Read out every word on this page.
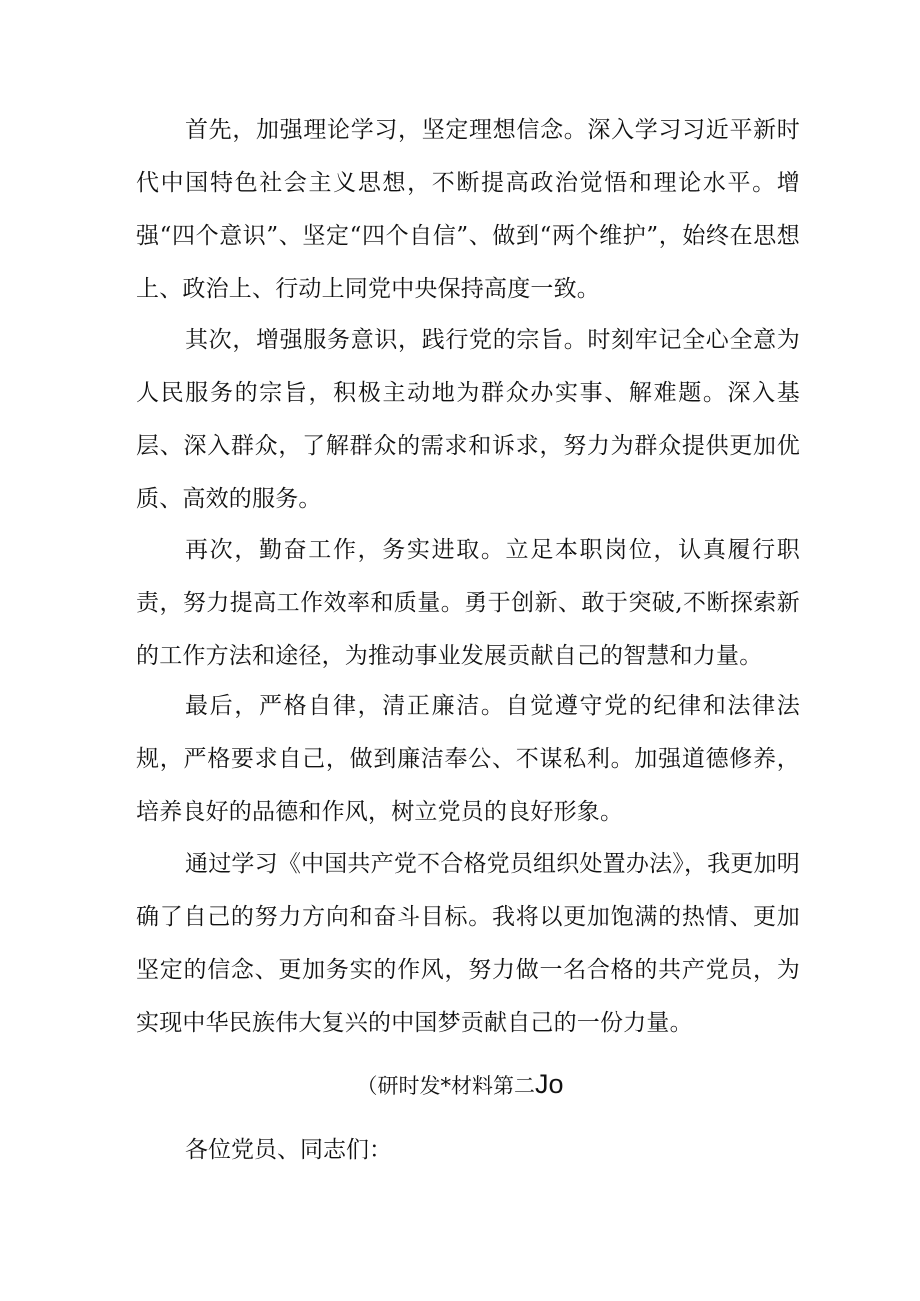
首先，加强理论学习，坚定理想信念。深入学习习近平新时代中国特色社会主义思想，不断提高政治觉悟和理论水平。增强“四个意识”、坚定“四个自信”、做到“两个维护”，始终在思想上、政治上、行动上同党中央保持高度一致。

其次，增强服务意识，践行党的宗旨。时刻牢记全心全意为人民服务的宗旨，积极主动地为群众办实事、解难题。深入基层、深入群众，了解群众的需求和诉求，努力为群众提供更加优质、高效的服务。

再次，勤奋工作，务实进取。立足本职岗位，认真履行职责，努力提高工作效率和质量。勇于创新、敢于突破,不断探索新的工作方法和途径，为推动事业发展贡献自己的智慧和力量。

最后，严格自律，清正廉洁。自觉遵守党的纪律和法律法规，严格要求自己，做到廉洁奉公、不谋私利。加强道德修养，培养良好的品德和作风，树立党员的良好形象。

通过学习《中国共产党不合格党员组织处置办法》，我更加明确了自己的努力方向和奋斗目标。我将以更加饱满的热情、更加坚定的信念、更加务实的作风，努力做一名合格的共产党员，为实现中华民族伟大复兴的中国梦贡献自己的一份力量。

（研时发*材料第二Jo

各位党员、同志们：
